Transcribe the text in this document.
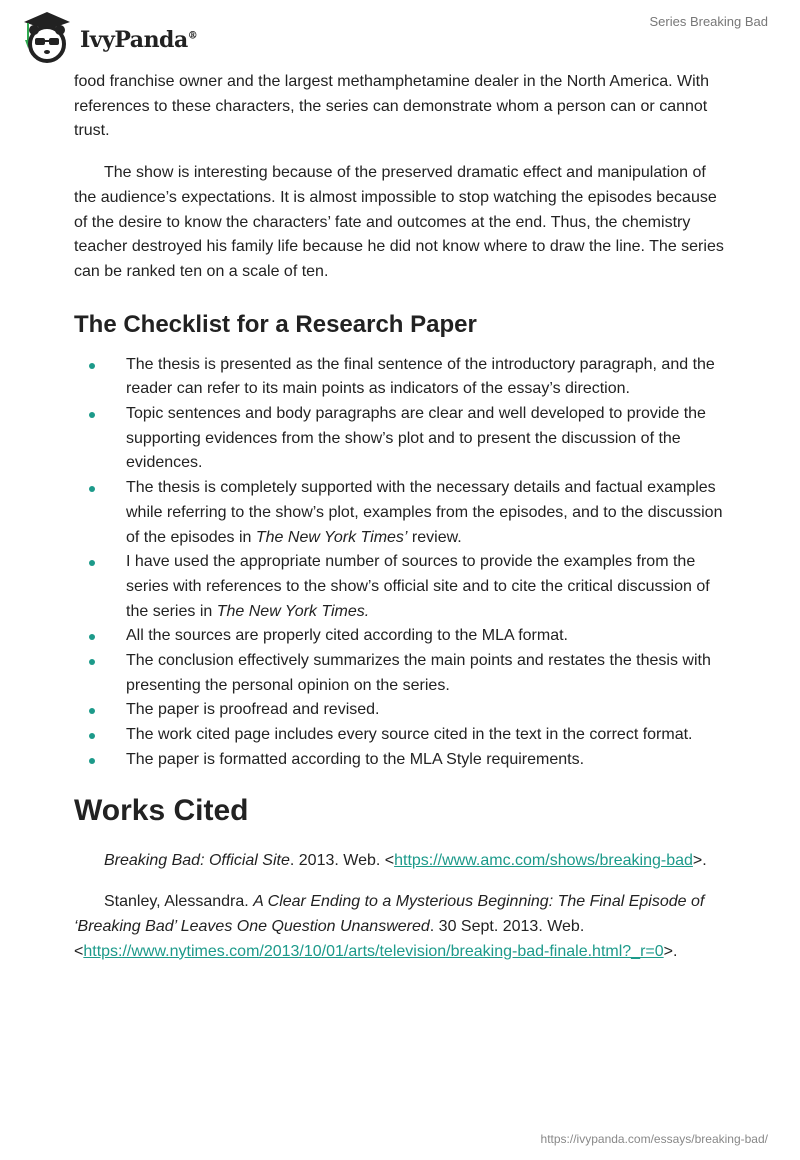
IvyPanda®
Series Breaking Bad

food franchise owner and the largest methamphetamine dealer in the North America. With references to these characters, the series can demonstrate whom a person can or cannot trust.

The show is interesting because of the preserved dramatic effect and manipulation of the audience’s expectations. It is almost impossible to stop watching the episodes because of the desire to know the characters’ fate and outcomes at the end. Thus, the chemistry teacher destroyed his family life because he did not know where to draw the line. The series can be ranked ten on a scale of ten.

The Checklist for a Research Paper
The thesis is presented as the final sentence of the introductory paragraph, and the reader can refer to its main points as indicators of the essay’s direction.
Topic sentences and body paragraphs are clear and well developed to provide the supporting evidences from the show’s plot and to present the discussion of the evidences.
The thesis is completely supported with the necessary details and factual examples while referring to the show’s plot, examples from the episodes, and to the discussion of the episodes in The New York Times’ review.
I have used the appropriate number of sources to provide the examples from the series with references to the show’s official site and to cite the critical discussion of the series in The New York Times.
All the sources are properly cited according to the MLA format.
The conclusion effectively summarizes the main points and restates the thesis with presenting the personal opinion on the series.
The paper is proofread and revised.
The work cited page includes every source cited in the text in the correct format.
The paper is formatted according to the MLA Style requirements.
Works Cited

Breaking Bad: Official Site. 2013. Web. <https://www.amc.com/shows/breaking-bad>.

Stanley, Alessandra. A Clear Ending to a Mysterious Beginning: The Final Episode of ‘Breaking Bad’ Leaves One Question Unanswered. 30 Sept. 2013. Web. <https://www.nytimes.com/2013/10/01/arts/television/breaking-bad-finale.html?_r=0>.

https://ivypanda.com/essays/breaking-bad/
